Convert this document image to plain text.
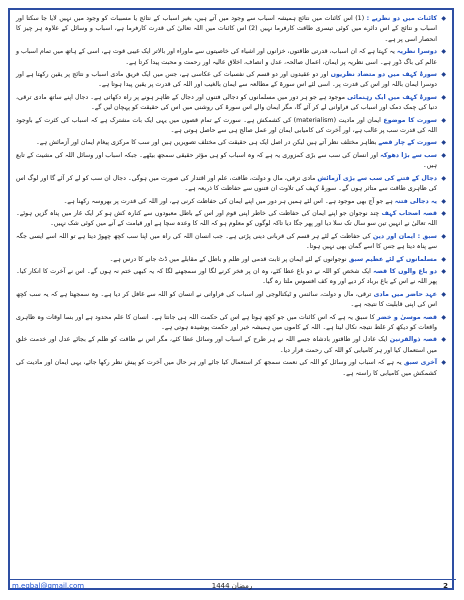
◆ کائنات میں دو نظریے : (1) اس کائنات میں نتائج ہمیشہ اسباب سے وجود میں آتے ہیں، بغیر اسباب کے نتائج یا مسببات کو وجود میں نہیں لایا جا سکتا اور اسباب و نتائج کے اس دائرے میں کوئی تیسری طاقت کارفرما نہیں (2) اس کائنات میں اللہ تعالیٰ کی قدرت کارفرما ہے، اسباب و وسائل کے علاوہ ہر چیز کا انحصار اسی پر ہے۔

◆ دوسرا نظریہ یہ کہتا ہے کہ ان اسباب، قدرتی طاقتوں، خزانوں اور اشیاء کی خاصیتوں سے ماوراء اور بالاتر ایک غیبی قوت ہے، اسی کے ہاتھ میں تمام اسباب و عالم کی باگ ڈور ہے۔ اسی نظریہ پر ایمان، اعمال صالحہ، عدل و انصاف، اخلاق عالیہ اور رحمت و محبت پیدا کرتا ہے۔

◆ سورۂ کہف میں دو متضاد نظریوں اور دو عقیدوں اور دو قسم کی نفسیات کی عکاسی ہے، جس میں ایک فریق مادی اسباب و نتائج پر یقین رکھتا ہے اور دوسرا ایمان باللہ اور اس کی قدرت پر۔ اسی لئے اس سورۃ کے مطالعہ سے ایمان بالغیب اور اللہ کی قدرت پر یقین پیدا ہوتا ہے۔

◆ سورۂ کہف میں ایک رہنمائی موجود ہے جو ہر دور میں مسلمانوں کو دجالی فتنوں اور دجال کے ظاہر ہونے پر راہ دکھاتی ہے۔ دجال اپنے ساتھ مادی ترقی، دنیا کی چمک دمک اور اسباب کی فراوانی لے کر آئے گا، مگر ایمان والے اس سورۃ کی روشنی میں اس کی حقیقت کو پہچان لیں گے۔

◆ سورت کا موضوع ایمان اور مادیت (materialism) کی کشمکش ہے۔ سورت کے تمام قصوں میں یہی ایک بات مشترک ہے کہ اسباب کی کثرت کے باوجود اللہ کی قدرت سب پر غالب ہے، اور آخرت کی کامیابی ایمان اور عمل صالح ہی سے حاصل ہوتی ہے۔

◆ سورت کے چار قصے بظاہر مختلف نظر آتے ہیں لیکن در اصل ایک ہی حقیقت کی مختلف تصویریں ہیں اور سب کا مرکزی پیغام ایمان اور آزمائش ہے۔

◆ سب سے بڑا دھوکہ اور انسان کی سب سے بڑی کمزوری یہ ہے کہ وہ اسباب کو ہی مؤثر حقیقی سمجھ بیٹھے۔ جبکہ اسباب اور وسائل اللہ کی مشیت کے تابع ہیں۔

◆ دجال کے فتنے کی سب سے بڑی آزمائش مادی ترقی، مال و دولت، طاقت، علم اور اقتدار کی صورت میں ہوگی۔ دجال ان سب کو لے کر آئے گا اور لوگ اس کی ظاہری طاقت سے متاثر ہوں گے۔ سورۂ کہف کی تلاوت ان فتنوں سے حفاظت کا ذریعہ ہے۔

◆ یہ دجالی فتنہ ہے جو آج بھی موجود ہے۔ اس لئے ہمیں ہر دور میں اپنے ایمان کی حفاظت کرنی ہے، اور اللہ کی قدرت پر بھروسہ رکھنا ہے۔

◆ قصہ اصحاب کہف چند نوجوان جو اپنے ایمان کی حفاظت کی خاطر اپنی قوم اور اس کے باطل معبودوں سے کنارہ کش ہو کر ایک غار میں پناہ گزیں ہوئے۔ اللہ تعالیٰ نے انہیں تین سو سال تک سلا دیا اور پھر جگا دیا تاکہ لوگوں کو معلوم ہو کہ اللہ کا وعدہ سچا ہے اور قیامت کے آنے میں کوئی شک نہیں۔

◆ سبق : ایمان اور دین کی حفاظت کے لئے ہر قسم کی قربانی دینی پڑتی ہے۔ جب انسان اللہ کی راہ میں اپنا سب کچھ چھوڑ دیتا ہے تو اللہ اسے ایسی جگہ سے پناہ دیتا ہے جس کا اسے گمان بھی نہیں ہوتا۔

◆ مسلمانوں کے لئے عظیم سبق نوجوانوں کے لئے ایمان پر ثابت قدمی اور ظلم و باطل کے مقابلے میں ڈٹ جانے کا درس ہے۔

◆ دو باغ والوں کا قصہ ایک شخص کو اللہ نے دو باغ عطا کئے، وہ ان پر فخر کرنے لگا اور سمجھنے لگا کہ یہ کبھی ختم نہ ہوں گے۔ اس نے آخرت کا انکار کیا۔ پھر اللہ نے اس کے باغ برباد کر دیے اور وہ کف افسوس ملتا رہ گیا۔

◆ عہد حاضر میں مادی ترقی، مال و دولت، سائنس و ٹیکنالوجی اور اسباب کی فراوانی نے انسان کو اللہ سے غافل کر دیا ہے۔ وہ سمجھتا ہے کہ یہ سب کچھ اس کی اپنی قابلیت کا نتیجہ ہے۔

◆ قصہ موسیٰ و خضر کا سبق یہ ہے کہ اس کائنات میں جو کچھ ہوتا ہے اس کی حکمت اللہ ہی جانتا ہے۔ انسان کا علم محدود ہے اور بسا اوقات وہ ظاہری واقعات کو دیکھ کر غلط نتیجہ نکال لیتا ہے۔ اللہ کے کاموں میں ہمیشہ خیر اور حکمت پوشیدہ ہوتی ہے۔

◆ قصہ ذوالقرنین ایک عادل اور طاقتور بادشاہ جسے اللہ نے ہر طرح کے اسباب اور وسائل عطا کئے، مگر اس نے طاقت کو ظلم کے بجائے عدل اور خدمت خلق میں استعمال کیا اور ہر کامیابی کو اللہ کی رحمت قرار دیا۔

◆ آخری سبق یہ ہے کہ اسباب اور وسائل کو اللہ کی نعمت سمجھ کر استعمال کیا جائے اور ہر حال میں آخرت کو پیش نظر رکھا جائے، یہی ایمان اور مادیت کی کشمکش میں کامیابی کا راستہ ہے۔

m.eqbal@gmail.com	رمضان 1444	2
